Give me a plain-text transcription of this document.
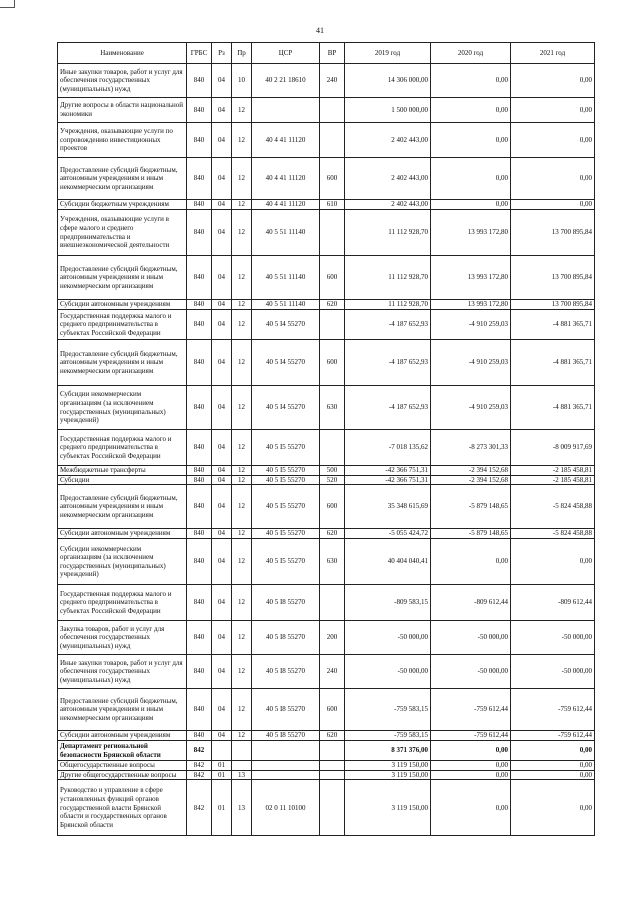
41
Наименование	ГРБС	Рз	Пр	ЦСР	ВР	2019 год	2020 год	2021 год
Иные закупки товаров, работ и услуг для обеспечения государственных (муниципальных) нужд	840	04	10	40 2 21 18610	240	14 306 000,00	0,00	0,00
Другие вопросы в области национальной экономики	840	04	12			1 500 000,00	0,00	0,00
Учреждения, оказывающие услуги по сопровождению инвестиционных проектов	840	04	12	40 4 41 11120		2 402 443,00	0,00	0,00
Предоставление субсидий бюджетным, автономным учреждениям и иным некоммерческим организациям	840	04	12	40 4 41 11120	600	2 402 443,00	0,00	0,00
Субсидии бюджетным учреждениям	840	04	12	40 4 41 11120	610	2 402 443,00	0,00	0,00
Учреждения, оказывающие услуги в сфере малого и среднего предпринимательства и внешнеэкономической деятельности	840	04	12	40 5 51 11140		11 112 928,70	13 993 172,80	13 700 895,84
Предоставление субсидий бюджетным, автономным учреждениям и иным некоммерческим организациям	840	04	12	40 5 51 11140	600	11 112 928,70	13 993 172,80	13 700 895,84
Субсидии автономным учреждениям	840	04	12	40 5 51 11140	620	11 112 928,70	13 993 172,80	13 700 895,84
Государственная поддержка малого и среднего предпринимательства в субъектах Российской Федерации	840	04	12	40 5 I4 55270		-4 187 652,93	-4 910 259,03	-4 881 365,71
Предоставление субсидий бюджетным, автономным учреждениям и иным некоммерческим организациям	840	04	12	40 5 I4 55270	600	-4 187 652,93	-4 910 259,03	-4 881 365,71
Субсидии некоммерческим организациям (за исключением государственных (муниципальных) учреждений)	840	04	12	40 5 I4 55270	630	-4 187 652,93	-4 910 259,03	-4 881 365,71
Государственная поддержка малого и среднего предпринимательства в субъектах Российской Федерации	840	04	12	40 5 I5 55270		-7 018 135,62	-8 273 301,33	-8 009 917,69
Межбюджетные трансферты	840	04	12	40 5 I5 55270	500	-42 366 751,31	-2 394 152,68	-2 185 458,81
Субсидии	840	04	12	40 5 I5 55270	520	-42 366 751,31	-2 394 152,68	-2 185 458,81
Предоставление субсидий бюджетным, автономным учреждениям и иным некоммерческим организациям	840	04	12	40 5 I5 55270	600	35 348 615,69	-5 879 148,65	-5 824 458,88
Субсидии автономным учреждениям	840	04	12	40 5 I5 55270	620	-5 055 424,72	-5 879 148,65	-5 824 458,88
Субсидии некоммерческим организациям (за исключением государственных (муниципальных) учреждений)	840	04	12	40 5 I5 55270	630	40 404 040,41	0,00	0,00
Государственная поддержка малого и среднего предпринимательства в субъектах Российской Федерации	840	04	12	40 5 I8 55270		-809 583,15	-809 612,44	-809 612,44
Закупка товаров, работ и услуг для обеспечения государственных (муниципальных) нужд	840	04	12	40 5 I8 55270	200	-50 000,00	-50 000,00	-50 000,00
Иные закупки товаров, работ и услуг для обеспечения государственных (муниципальных) нужд	840	04	12	40 5 I8 55270	240	-50 000,00	-50 000,00	-50 000,00
Предоставление субсидий бюджетным, автономным учреждениям и иным некоммерческим организациям	840	04	12	40 5 I8 55270	600	-759 583,15	-759 612,44	-759 612,44
Субсидии автономным учреждениям	840	04	12	40 5 I8 55270	620	-759 583,15	-759 612,44	-759 612,44
Департамент региональной безопасности Брянской области	842					8 371 376,00	0,00	0,00
Общегосударственные вопросы	842	01				3 119 150,00	0,00	0,00
Другие общегосударственные вопросы	842	01	13			3 119 150,00	0,00	0,00
Руководство и управление в сфере установленных функций органов государственной власти Брянской области и государственных органов Брянской области	842	01	13	02 0 11 10100		3 119 150,00	0,00	0,00
